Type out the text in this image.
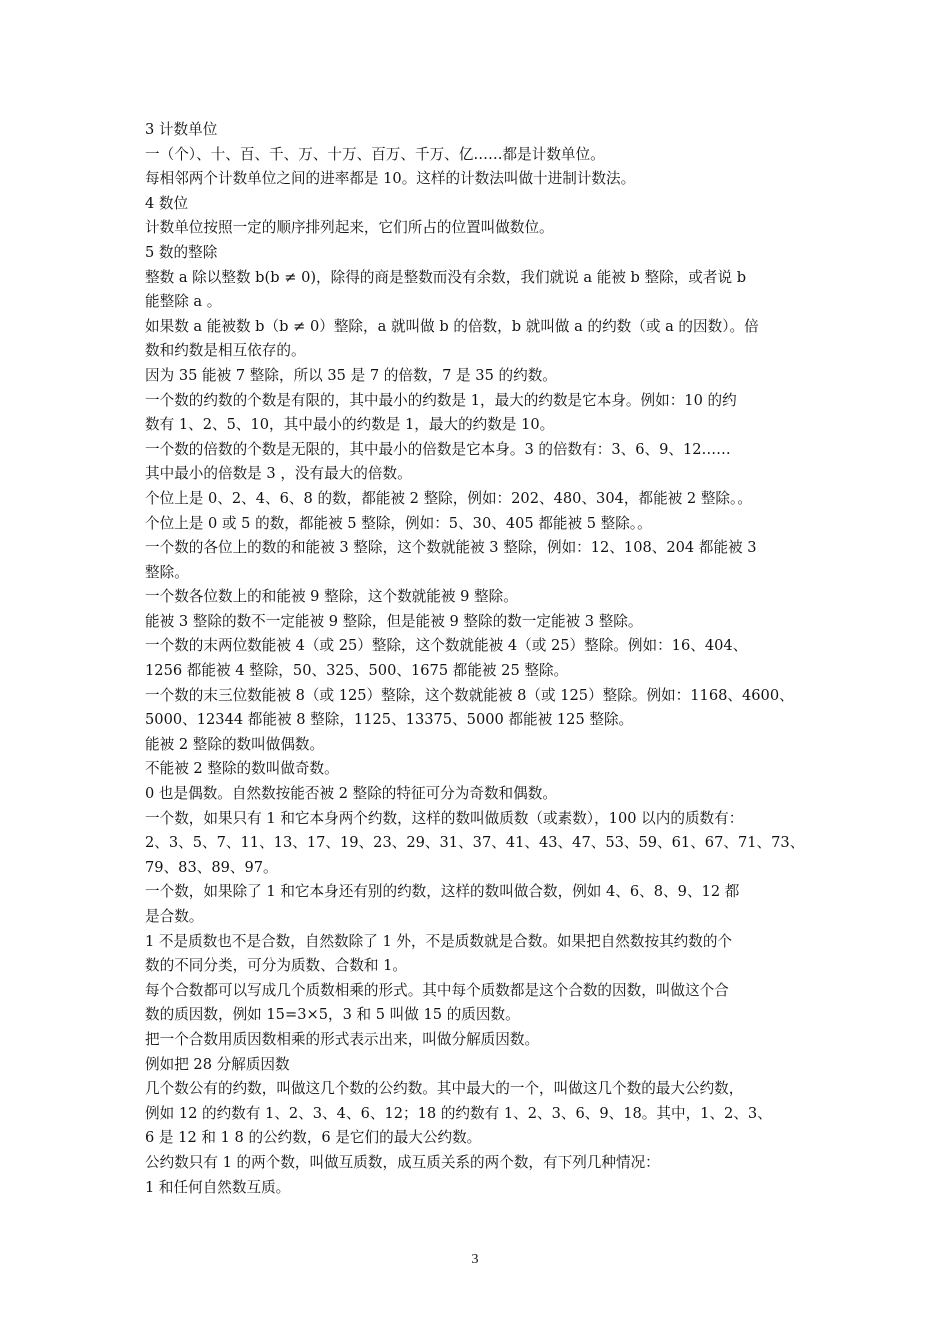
3 计数单位

一（个）、十、百、千、万、十万、百万、千万、亿……都是计数单位。

每相邻两个计数单位之间的进率都是 10。这样的计数法叫做十进制计数法。

4 数位

计数单位按照一定的顺序排列起来，它们所占的位置叫做数位。

5 数的整除

整数 a 除以整数 b(b ≠ 0)，除得的商是整数而没有余数，我们就说 a 能被 b 整除，或者说 b

能整除 a 。

如果数 a 能被数 b（b ≠ 0）整除，a 就叫做 b 的倍数，b 就叫做 a 的约数（或 a 的因数）。倍

数和约数是相互依存的。

因为 35 能被 7 整除，所以 35 是 7 的倍数，7 是 35 的约数。

一个数的约数的个数是有限的，其中最小的约数是 1，最大的约数是它本身。例如：10 的约

数有 1、2、5、10，其中最小的约数是 1，最大的约数是 10。

一个数的倍数的个数是无限的，其中最小的倍数是它本身。3 的倍数有：3、6、9、12……

其中最小的倍数是 3 ，没有最大的倍数。

个位上是 0、2、4、6、8 的数，都能被 2 整除，例如：202、480、304，都能被 2 整除。。

个位上是 0 或 5 的数，都能被 5 整除，例如：5、30、405 都能被 5 整除。。

一个数的各位上的数的和能被 3 整除，这个数就能被 3 整除，例如：12、108、204 都能被 3

整除。

一个数各位数上的和能被 9 整除，这个数就能被 9 整除。

能被 3 整除的数不一定能被 9 整除，但是能被 9 整除的数一定能被 3 整除。

一个数的末两位数能被 4（或 25）整除，这个数就能被 4（或 25）整除。例如：16、404、

1256 都能被 4 整除，50、325、500、1675 都能被 25 整除。

一个数的末三位数能被 8（或 125）整除，这个数就能被 8（或 125）整除。例如：1168、4600、

5000、12344 都能被 8 整除，1125、13375、5000 都能被 125 整除。

能被 2 整除的数叫做偶数。

不能被 2 整除的数叫做奇数。

0 也是偶数。自然数按能否被 2 整除的特征可分为奇数和偶数。

一个数，如果只有 1 和它本身两个约数，这样的数叫做质数（或素数），100 以内的质数有：

2、3、5、7、11、13、17、19、23、29、31、37、41、43、47、53、59、61、67、71、73、

79、83、89、97。

一个数，如果除了 1 和它本身还有别的约数，这样的数叫做合数，例如 4、6、8、9、12 都

是合数。

1 不是质数也不是合数，自然数除了 1 外，不是质数就是合数。如果把自然数按其约数的个

数的不同分类，可分为质数、合数和 1。

每个合数都可以写成几个质数相乘的形式。其中每个质数都是这个合数的因数，叫做这个合

数的质因数，例如 15=3×5，3 和 5 叫做 15 的质因数。

把一个合数用质因数相乘的形式表示出来，叫做分解质因数。

例如把 28 分解质因数

几个数公有的约数，叫做这几个数的公约数。其中最大的一个，叫做这几个数的最大公约数，

例如 12 的约数有 1、2、3、4、6、12；18 的约数有 1、2、3、6、9、18。其中，1、2、3、

6 是 12 和 1 8 的公约数，6 是它们的最大公约数。

公约数只有 1 的两个数，叫做互质数，成互质关系的两个数，有下列几种情况：

1 和任何自然数互质。

3
